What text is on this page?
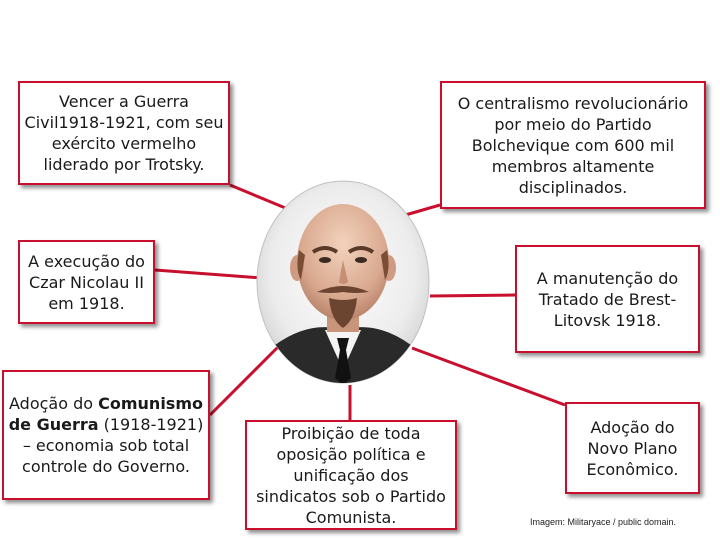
Vencer a Guerra Civil1918-1921, com seu exército vermelho liderado por Trotsky.
O centralismo revolucionário por meio do Partido Bolchevique com 600 mil membros altamente disciplinados.
A execução do Czar Nicolau II em 1918.
A manutenção do Tratado de Brest-Litovsk 1918.
Adoção do Comunismo de Guerra (1918-1921) – economia sob total controle do Governo.
Proibição de toda oposição política e unificação dos sindicatos sob o Partido Comunista.
Adoção do Novo Plano Econômico.
Imagem: Militaryace / public domain.
